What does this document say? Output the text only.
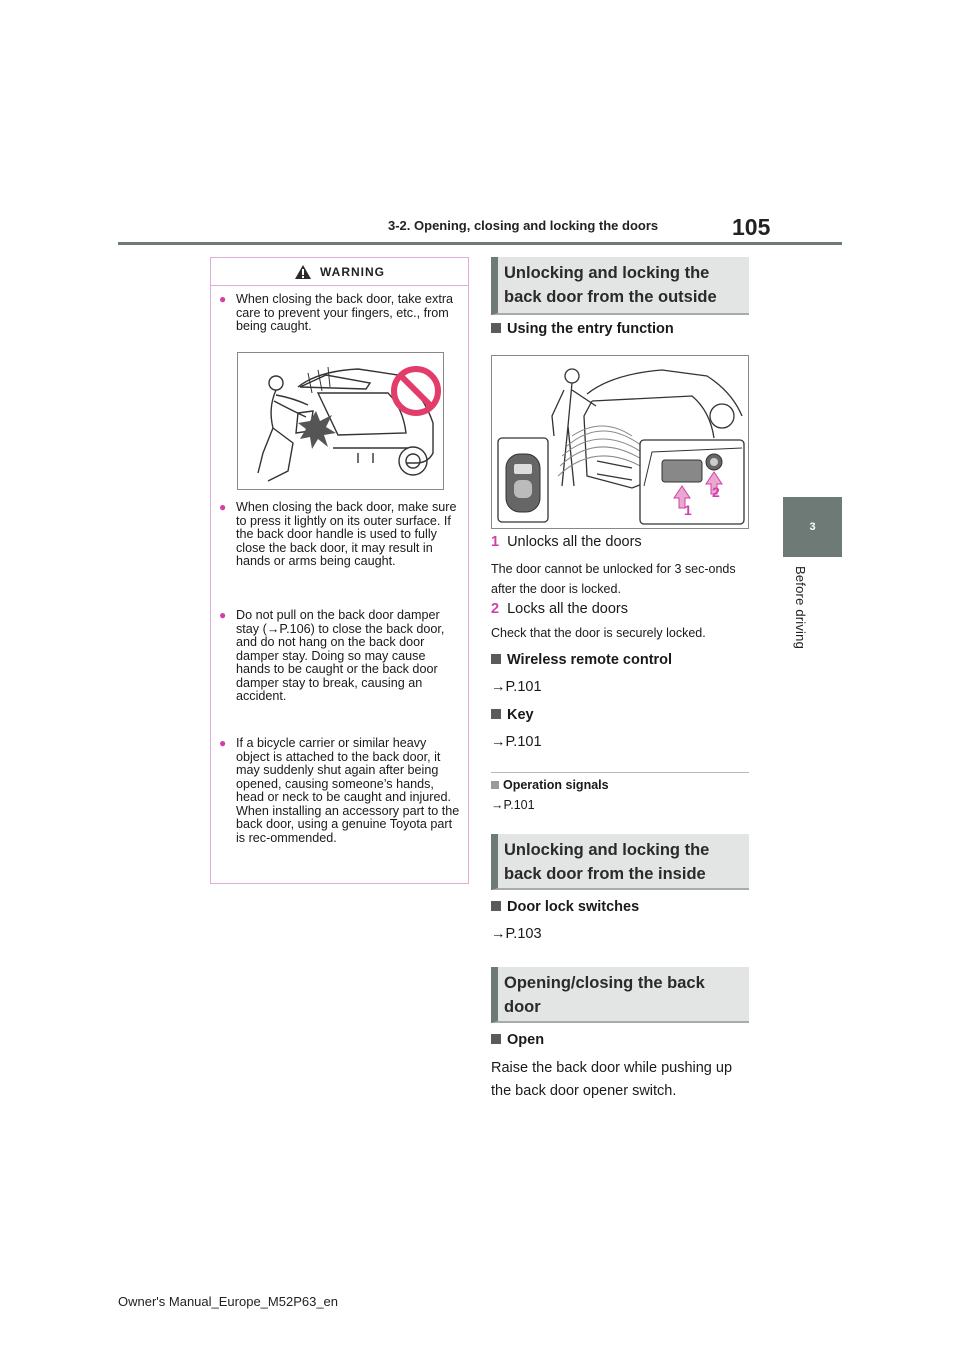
3-2. Opening, closing and locking the doors	105
3
Before driving
WARNING
● When closing the back door, take extra care to prevent your fingers, etc., from being caught.
● When closing the back door, make sure to press it lightly on its outer surface. If the back door handle is used to fully close the back door, it may result in hands or arms being caught.
● Do not pull on the back door damper stay (→P.106) to close the back door, and do not hang on the back door damper stay. Doing so may cause hands to be caught or the back door damper stay to break, causing an accident.
● If a bicycle carrier or similar heavy object is attached to the back door, it may suddenly shut again after being opened, causing someone’s hands, head or neck to be caught and injured. When installing an accessory part to the back door, using a genuine Toyota part is rec-ommended.
Unlocking and locking the back door from the outside
Using the entry function
1
2
1 Unlocks all the doors
The door cannot be unlocked for 3 sec-onds after the door is locked.
2 Locks all the doors
Check that the door is securely locked.
Wireless remote control
→P.101
Key
→P.101
Operation signals
→P.101
Unlocking and locking the back door from the inside
Door lock switches
→P.103
Opening/closing the back door
Open
Raise the back door while pushing up the back door opener switch.
Owner's Manual_Europe_M52P63_en
